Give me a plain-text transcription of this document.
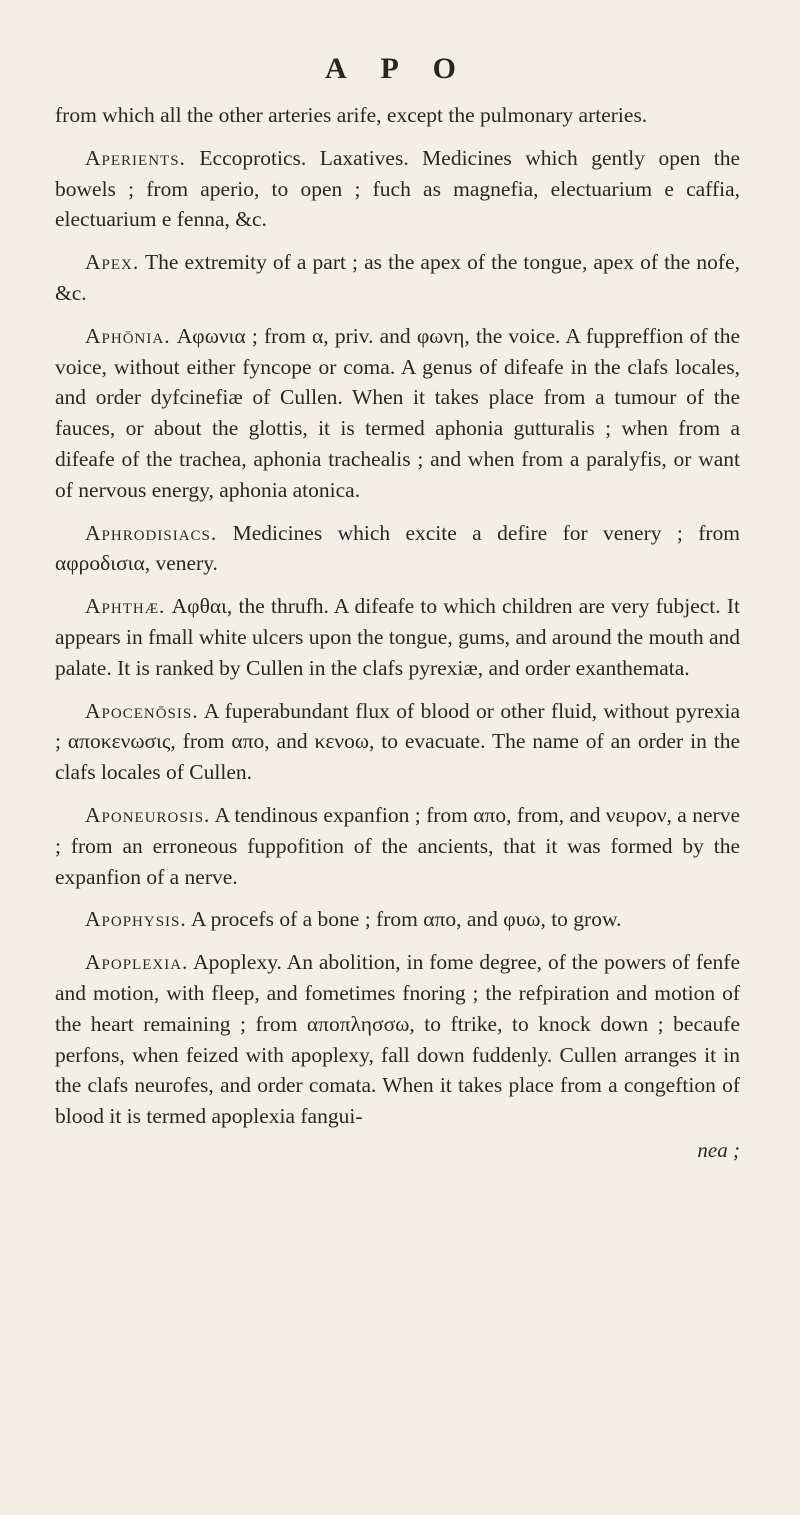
A P O

from which all the other arteries arife, except the pulmonary arteries.

Aperients. Eccoprotics. Laxatives. Medicines which gently open the bowels ; from aperio, to open ; fuch as magnefia, electuarium e caffia, electuarium e fenna, &c.

Apex. The extremity of a part ; as the apex of the tongue, apex of the nofe, &c.

Aphōnia. Αφωνια ; from α, priv. and φωνη, the voice. A fuppreffion of the voice, without either fyncope or coma. A genus of difeafe in the clafs locales, and order dyfcinefiæ of Cullen. When it takes place from a tumour of the fauces, or about the glottis, it is termed aphonia gutturalis ; when from a difeafe of the trachea, aphonia trachealis ; and when from a paralyfis, or want of nervous energy, aphonia atonica.

Aphrodisiacs. Medicines which excite a defire for venery ; from αφροδισια, venery.

Aphthæ. Αφθαι, the thrufh. A difeafe to which children are very fubject. It appears in fmall white ulcers upon the tongue, gums, and around the mouth and palate. It is ranked by Cullen in the clafs pyrexiæ, and order exanthemata.

Apocenōsis. A fuperabundant flux of blood or other fluid, without pyrexia ; αποκενωσις, from απο, and κενοω, to evacuate. The name of an order in the clafs locales of Cullen.

Aponeurosis. A tendinous expanfion ; from απο, from, and νευρον, a nerve ; from an erroneous fuppofition of the ancients, that it was formed by the expanfion of a nerve.

Apophysis. A procefs of a bone ; from απο, and φυω, to grow.

Apoplexia. Apoplexy. An abolition, in fome degree, of the powers of fenfe and motion, with fleep, and fometimes fnoring ; the refpiration and motion of the heart remaining ; from αποπλησσω, to ftrike, to knock down ; becaufe perfons, when feized with apoplexy, fall down fuddenly. Cullen arranges it in the clafs neurofes, and order comata. When it takes place from a congeftion of blood it is termed apoplexia fangui-

nea ;
